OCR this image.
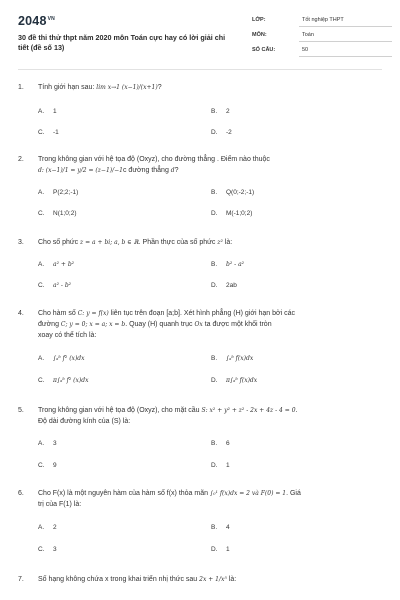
$2048^{VN}$
30 đề thi thử thpt năm 2020 môn Toán cực hay có lời giải chi tiết (đề số 13)
LỚP:	Tốt nghiệp THPT
MÔN:	Toán
SỐ CÂU:	50
1.	Tính giới hạn sau: lim x→1 (x−1)/(x+1)?
A. 1	B. 2
C. -1	D. -2
2.	Trong không gian với hệ tọa độ (Oxyz), cho đường thẳng . Điểm nào thuộc
d: (x−1)/1 = y/2 = (z−1)/−1c đường thẳng d?
A. P(2;2;-1)	B. Q(0;-2;-1)
C. N(1;0;2)	D. M(-1;0;2)
3.	Cho số phức z = a + bi; a, b ∈ ℝ. Phần thực của số phức z² là:
A. a² + b²	B. b² - a²
C. a² - b²	D. 2ab
4.	Cho hàm số C: y = f(x) liên tục trên đoạn [a;b]. Xét hình phẳng (H) giới hạn bởi các
đường C; y = 0; x = a; x = b. Quay (H) quanh trục Ox ta được một khối tròn
xoay có thể tích là:
A. ∫ₐᵇ f² (x)dx	B. ∫ₐᵇ f(x)dx
C. π∫ₐᵇ f² (x)dx	D. π∫ₐᵇ f(x)dx
5.	Trong không gian với hệ tọa độ (Oxyz), cho mặt cầu S: x² + y² + z² - 2x + 4z - 4 = 0.
Độ dài đường kính của (S) là:
A. 3	B. 6
C. 9	D. 1
6.	Cho F(x) là một nguyên hàm của hàm số f(x) thỏa mãn ∫₀¹ f(x)dx = 2 và F(0) = 1. Giá
trị của F(1) là:
A. 2	B. 4
C. 3	D. 1
7.	Số hạng không chứa x trong khai triển nhị thức sau 2x + 1/x⁵ là:
